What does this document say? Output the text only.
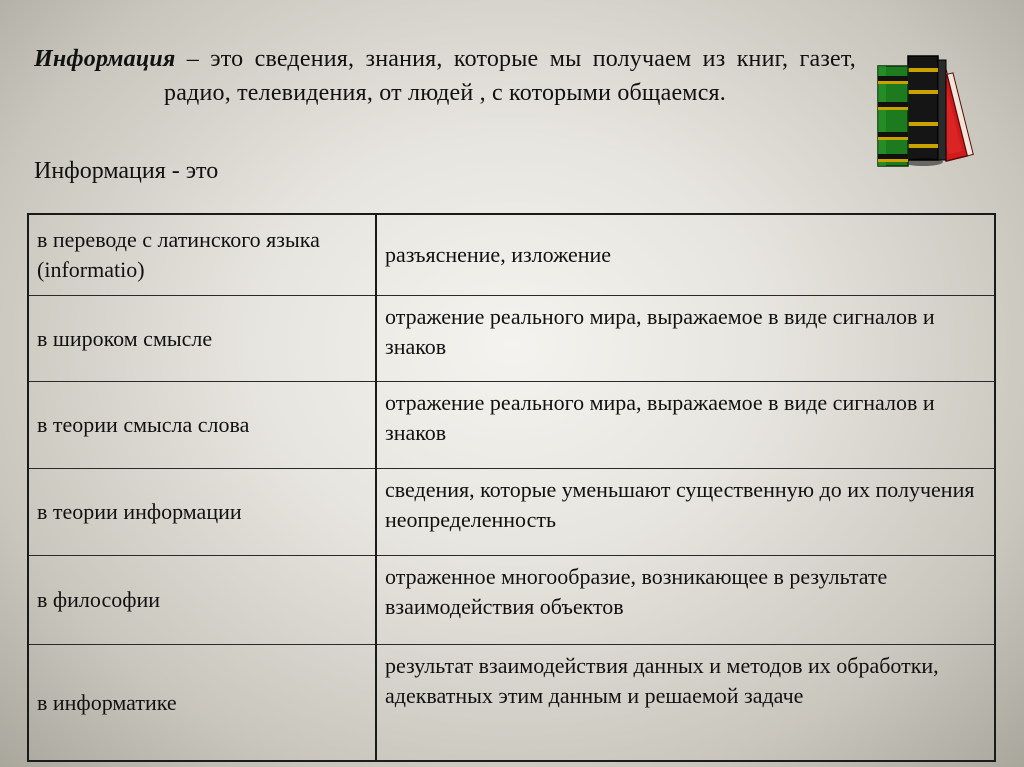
Информация – это сведения, знания, которые мы получаем из книг, газет, радио, телевидения, от людей , с которыми общаемся.
Информация - это
в переводе с латинского языка (informatio)	разъяснение, изложение
в широком смысле	отражение реального мира, выражаемое в виде сигналов и знаков
в теории смысла слова	отражение реального мира, выражаемое в виде сигналов и знаков
в теории информации	сведения, которые уменьшают существенную до их получения неопределенность
в философии	отраженное многообразие, возникающее в результате взаимодействия объектов
в информатике	результат взаимодействия данных и методов их обработки, адекватных этим данным и решаемой задаче
